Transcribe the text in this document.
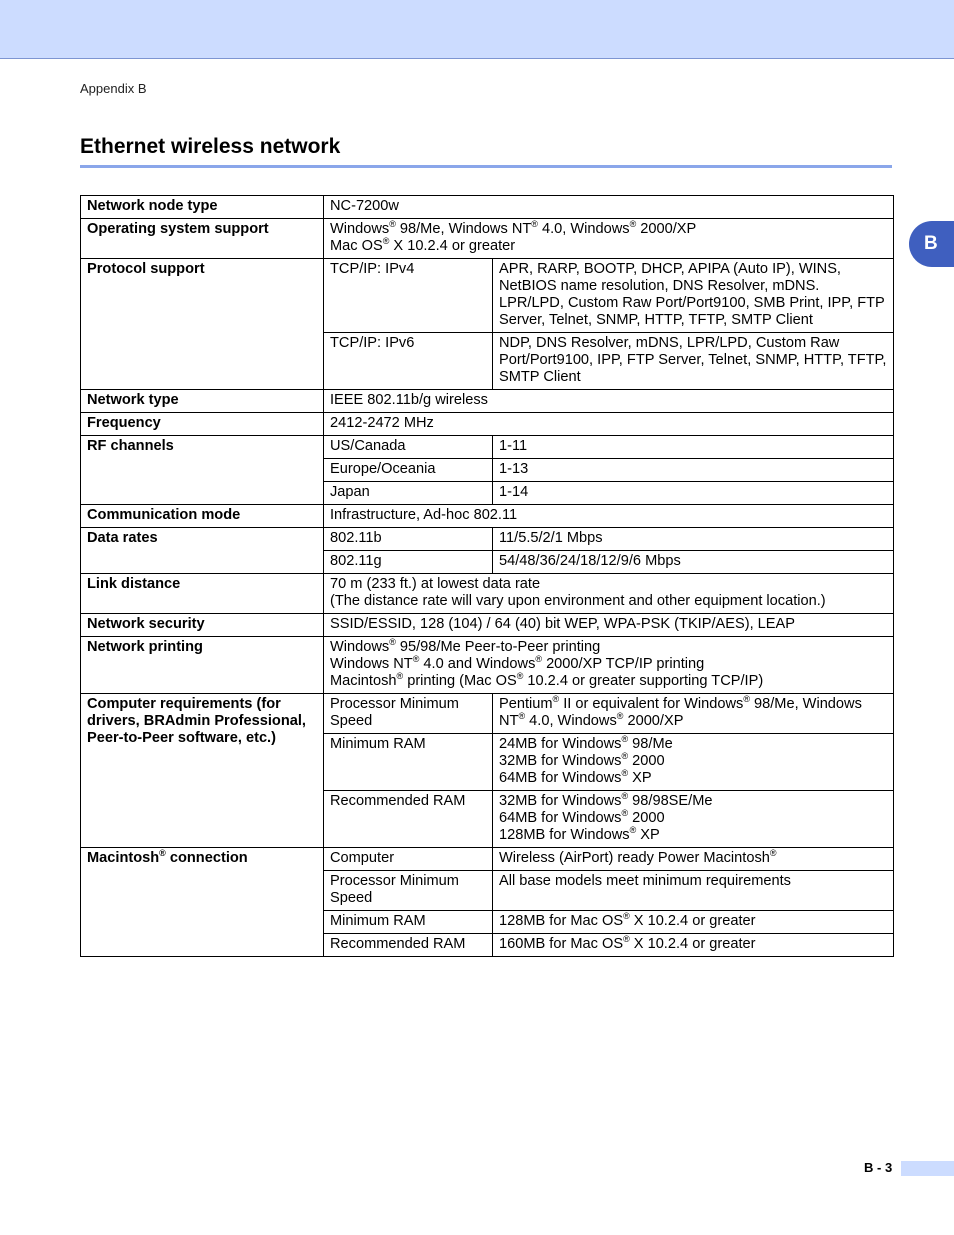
Appendix B
Ethernet wireless network
B
Network node type	NC-7200w	
Operating system support	Windows® 98/Me, Windows NT® 4.0, Windows® 2000/XP
Mac OS® X 10.2.4 or greater	
Protocol support	TCP/IP: IPv4	APR, RARP, BOOTP, DHCP, APIPA (Auto IP), WINS, NetBIOS name resolution, DNS Resolver, mDNS. LPR/LPD, Custom Raw Port/Port9100, SMB Print, IPP, FTP Server, Telnet, SNMP, HTTP, TFTP, SMTP Client
	TCP/IP: IPv6	NDP, DNS Resolver, mDNS, LPR/LPD, Custom Raw Port/Port9100, IPP, FTP Server, Telnet, SNMP, HTTP, TFTP, SMTP Client
Network type	IEEE 802.11b/g wireless	
Frequency	2412-2472 MHz	
RF channels	US/Canada	1-11
	Europe/Oceania	1-13
	Japan	1-14
Communication mode	Infrastructure, Ad-hoc 802.11	
Data rates	802.11b	11/5.5/2/1 Mbps
	802.11g	54/48/36/24/18/12/9/6 Mbps
Link distance	70 m (233 ft.) at lowest data rate
(The distance rate will vary upon environment and other equipment location.)	
Network security	SSID/ESSID, 128 (104) / 64 (40) bit WEP, WPA-PSK (TKIP/AES), LEAP	
Network printing	Windows® 95/98/Me Peer-to-Peer printing
Windows NT® 4.0 and Windows® 2000/XP TCP/IP printing
Macintosh® printing (Mac OS® 10.2.4 or greater supporting TCP/IP)	
Computer requirements (for drivers, BRAdmin Professional, Peer-to-Peer software, etc.)	Processor Minimum Speed	Pentium® II or equivalent for Windows® 98/Me, Windows NT® 4.0, Windows® 2000/XP
	Minimum RAM	24MB for Windows® 98/Me
32MB for Windows® 2000
64MB for Windows® XP
	Recommended RAM	32MB for Windows® 98/98SE/Me
64MB for Windows® 2000
128MB for Windows® XP
Macintosh® connection	Computer	Wireless (AirPort) ready Power Macintosh®
	Processor Minimum Speed	All base models meet minimum requirements
	Minimum RAM	128MB for Mac OS® X 10.2.4 or greater
	Recommended RAM	160MB for Mac OS® X 10.2.4 or greater
B - 3
